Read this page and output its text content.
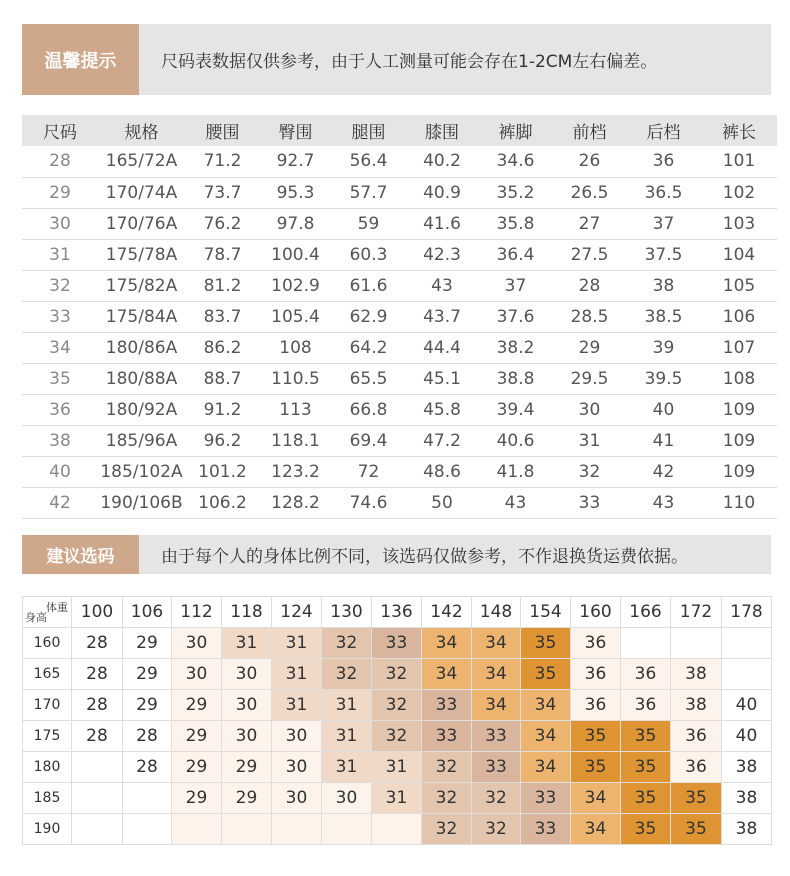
温馨提示	尺码表数据仅供参考，由于人工测量可能会存在1-2CM左右偏差。
尺码	规格	腰围	臀围	腿围	膝围	裤脚	前档	后档	裤长
28	165/72A	71.2	92.7	56.4	40.2	34.6	26	36	101
29	170/74A	73.7	95.3	57.7	40.9	35.2	26.5	36.5	102
30	170/76A	76.2	97.8	59	41.6	35.8	27	37	103
31	175/78A	78.7	100.4	60.3	42.3	36.4	27.5	37.5	104
32	175/82A	81.2	102.9	61.6	43	37	28	38	105
33	175/84A	83.7	105.4	62.9	43.7	37.6	28.5	38.5	106
34	180/86A	86.2	108	64.2	44.4	38.2	29	39	107
35	180/88A	88.7	110.5	65.5	45.1	38.8	29.5	39.5	108
36	180/92A	91.2	113	66.8	45.8	39.4	30	40	109
38	185/96A	96.2	118.1	69.4	47.2	40.6	31	41	109
40	185/102A	101.2	123.2	72	48.6	41.8	32	42	109
42	190/106B	106.2	128.2	74.6	50	43	33	43	110
建议选码	由于每个人的身体比例不同，该选码仅做参考，不作退换货运费依据。
体重
身高	100	106	112	118	124	130	136	142	148	154	160	166	172	178
160	28	29	30	31	31	32	33	34	34	35	36			
165	28	29	30	30	31	32	32	34	34	35	36	36	38	
170	28	29	29	30	31	31	32	33	34	34	36	36	38	40
175	28	28	29	30	30	31	32	33	33	34	35	35	36	40
180		28	29	29	30	31	31	32	33	34	35	35	36	38
185			29	29	30	30	31	32	32	33	34	35	35	38
190								32	32	33	34	35	35	38
